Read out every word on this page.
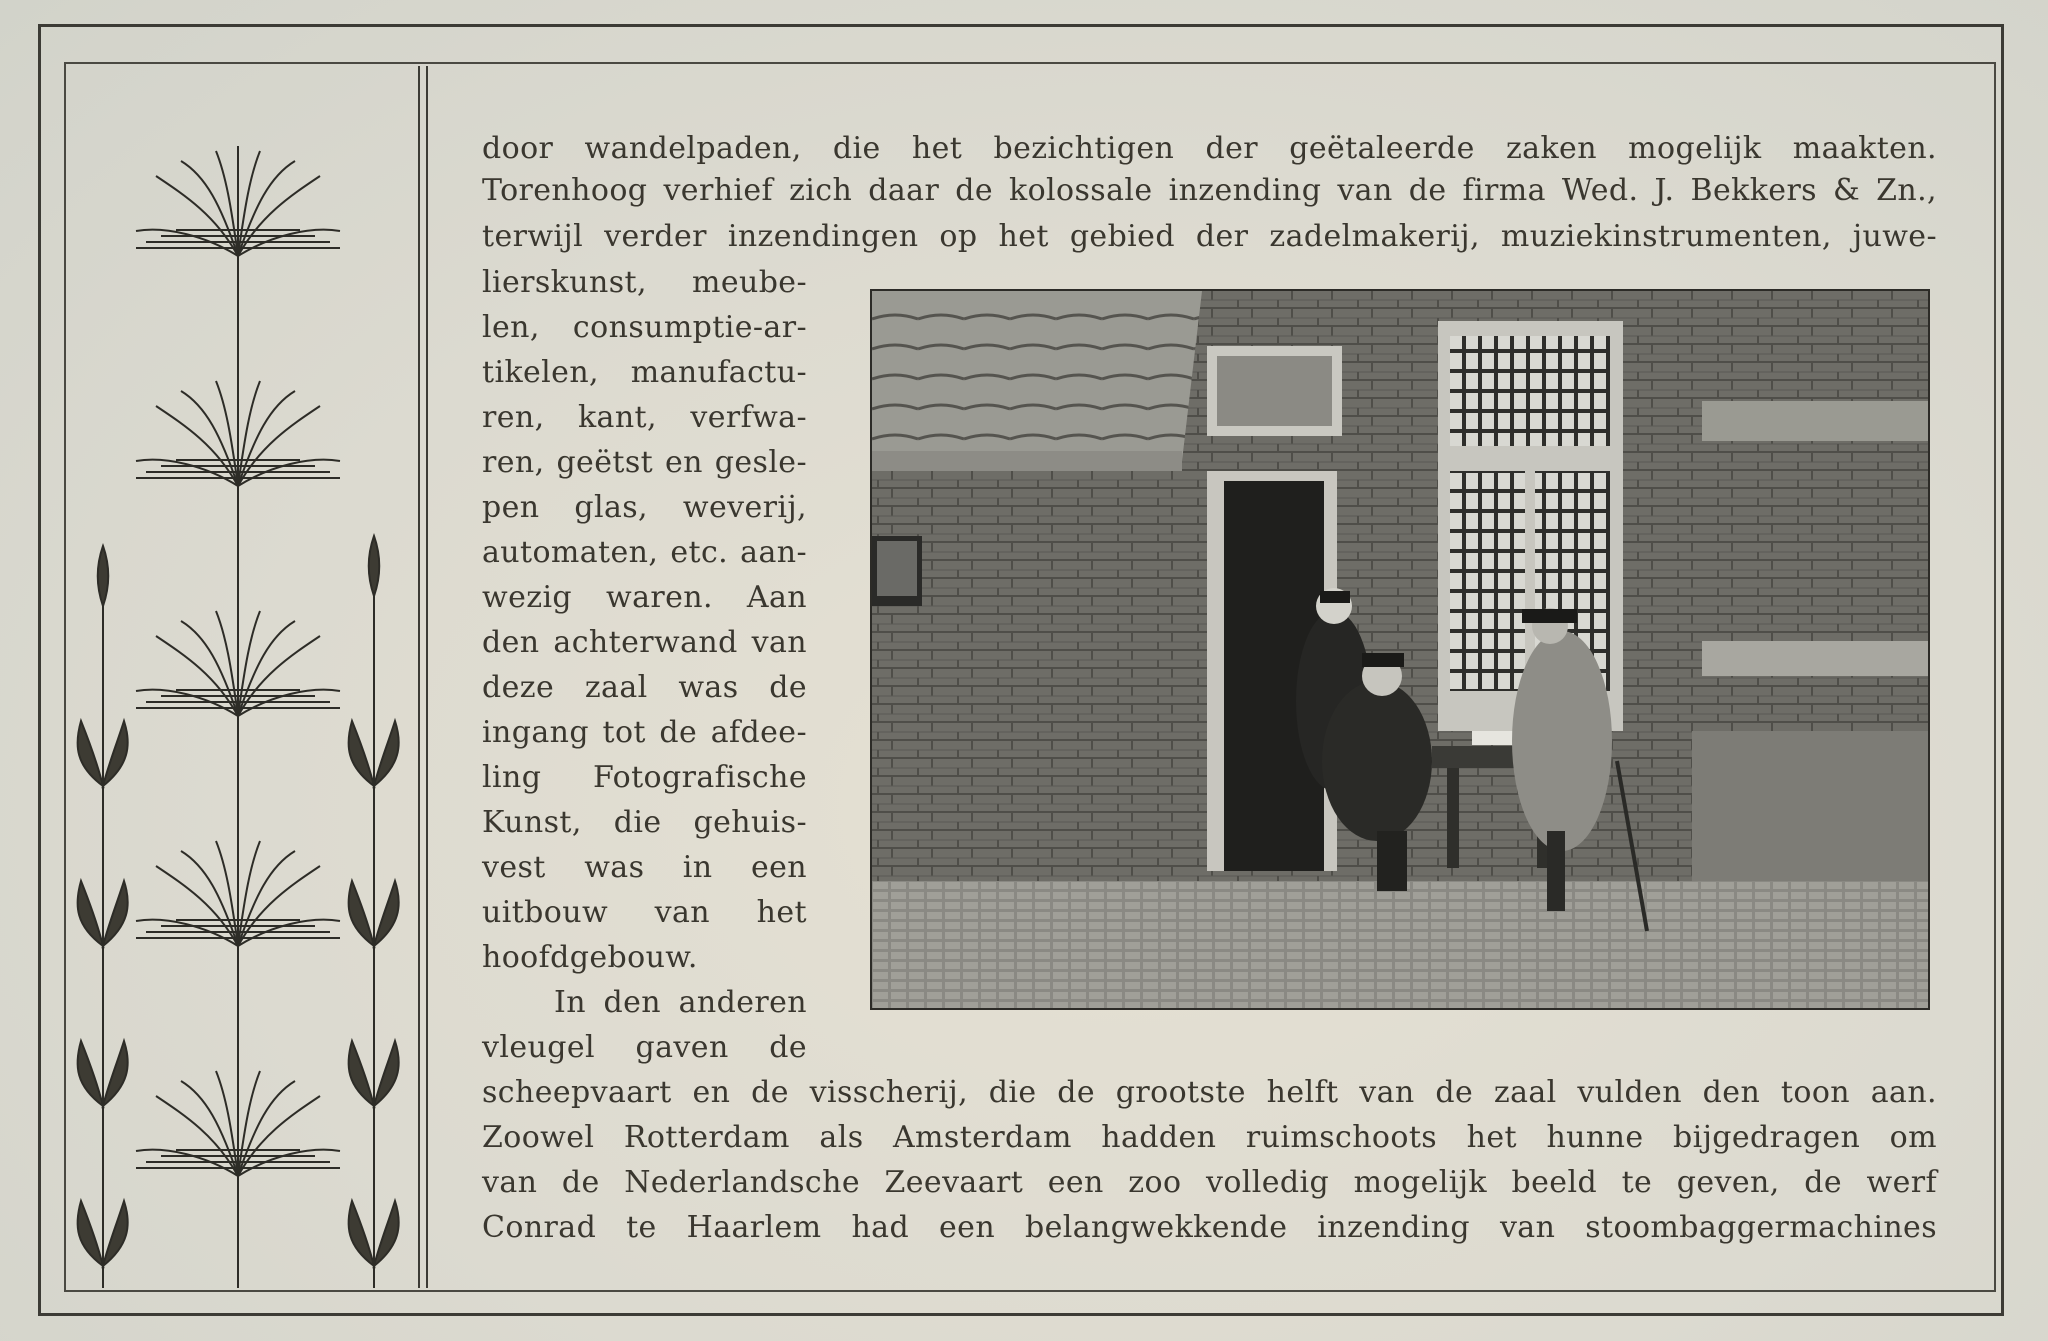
door wandelpaden, die het bezichtigen der geëtaleerde zaken mogelijk maakten.
Torenhoog verhief zich daar de kolossale inzending van de firma Wed. J. Bekkers & Zn.,
terwijl verder inzendingen op het gebied der zadelmakerij, muziekinstrumenten, juwe-
lierskunst, meube-
len, consumptie-ar-
tikelen, manufactu-
ren, kant, verfwa-
ren, geëtst en gesle-
pen glas, weverij,
automaten, etc. aan-
wezig waren. Aan
den achterwand van
deze zaal was de
ingang tot de afdee-
ling Fotografische
Kunst, die gehuis-
vest was in een
uitbouw van het
hoofdgebouw.
In den anderen
vleugel gaven de
scheepvaart en de visscherij, die de grootste helft van de zaal vulden den toon aan.
Zoowel Rotterdam als Amsterdam hadden ruimschoots het hunne bijgedragen om
van de Nederlandsche Zeevaart een zoo volledig mogelijk beeld te geven, de werf
Conrad te Haarlem had een belangwekkende inzending van stoombaggermachines
